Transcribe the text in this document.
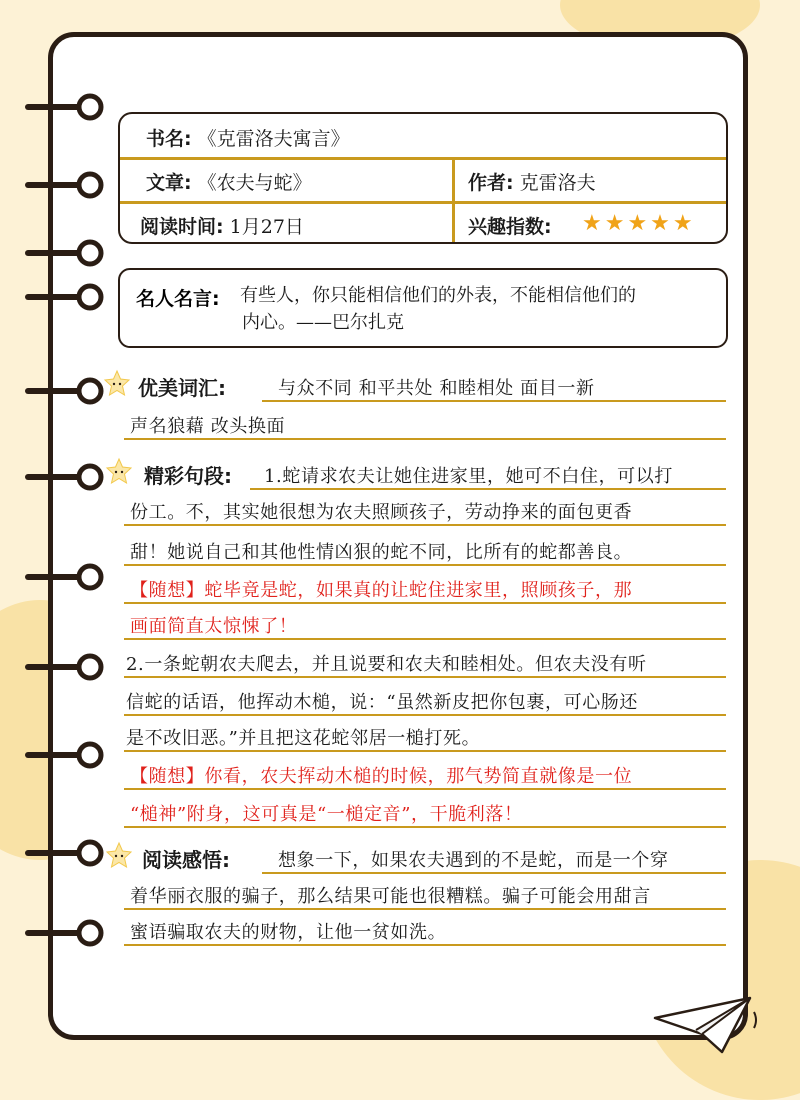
书名: 《克雷洛夫寓言》
文章: 《农夫与蛇》	作者: 克雷洛夫
阅读时间: 1月27日	兴趣指数: ★★★★★
名人名言: 有些人，你只能相信他们的外表，不能相信他们的
内心。——巴尔扎克
优美词汇:	与众不同 和平共处 和睦相处 面目一新
声名狼藉 改头换面
精彩句段: 1.蛇请求农夫让她住进家里，她可不白住，可以打
份工。不，其实她很想为农夫照顾孩子，劳动挣来的面包更香
甜！她说自己和其他性情凶狠的蛇不同，比所有的蛇都善良。
【随想】蛇毕竟是蛇，如果真的让蛇住进家里，照顾孩子，那
画面简直太惊悚了！
2.一条蛇朝农夫爬去，并且说要和农夫和睦相处。但农夫没有听
信蛇的话语，他挥动木槌，说：“虽然新皮把你包裹，可心肠还
是不改旧恶。”并且把这花蛇邻居一槌打死。
【随想】你看，农夫挥动木槌的时候，那气势简直就像是一位
“槌神”附身，这可真是“一槌定音”，干脆利落！
阅读感悟:	想象一下，如果农夫遇到的不是蛇，而是一个穿
着华丽衣服的骗子，那么结果可能也很糟糕。骗子可能会用甜言
蜜语骗取农夫的财物，让他一贫如洗。
